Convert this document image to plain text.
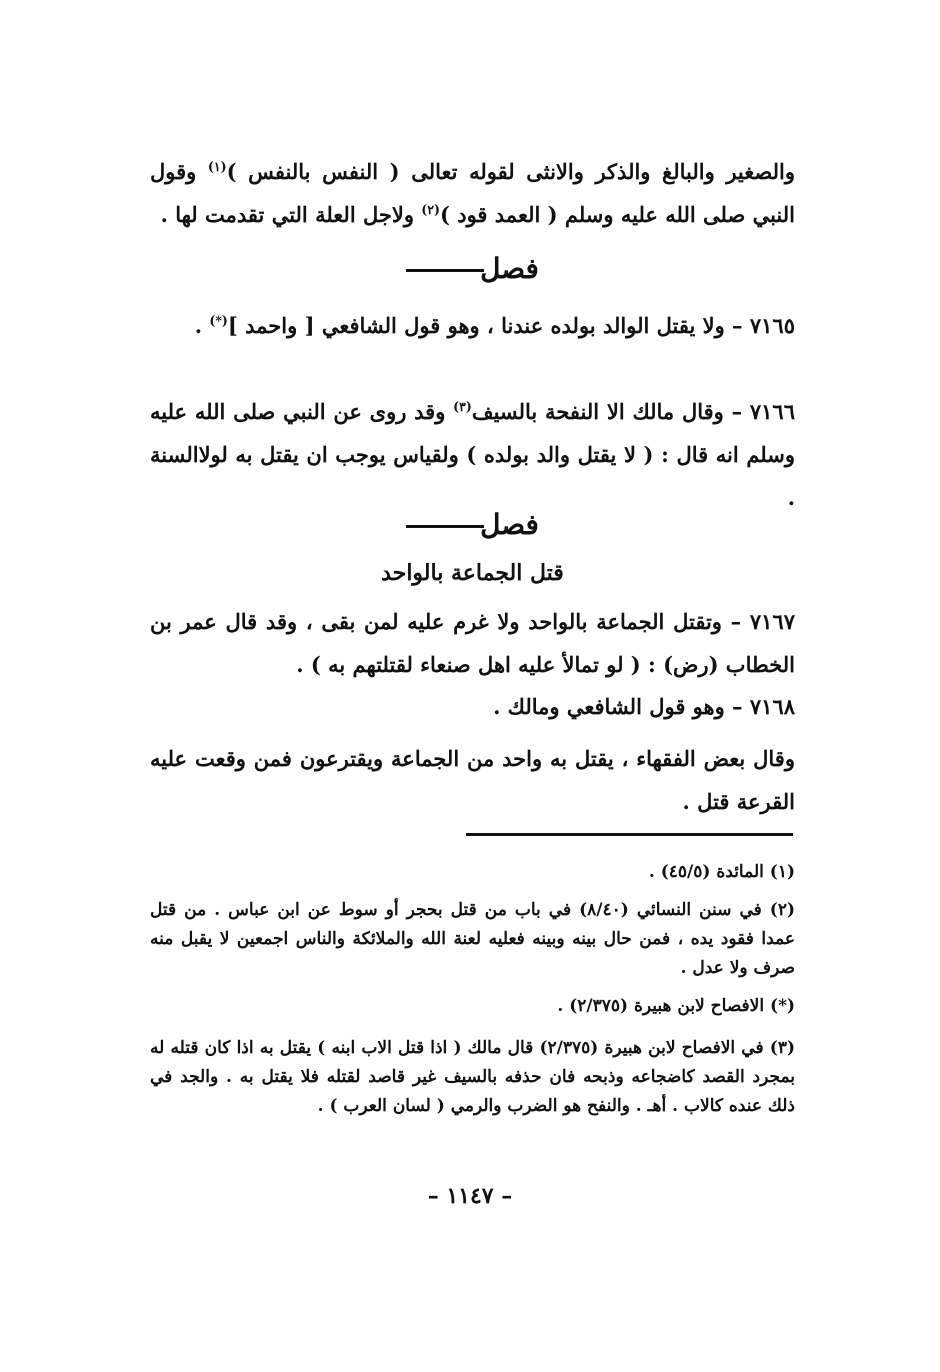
والصغير والبالغ والذكر والانثى لقوله تعالى ( النفس بالنفس )$^{(١)}$ وقول النبي صلى الله عليه وسلم ( العمد قود )$^{(٢)}$ ولاجل العلة التي تقدمت لها .
فصل
٧١٦٥ – ولا يقتل الوالد بولده عندنا ، وهو قول الشافعي [ واحمد ](*) .
٧١٦٦ – وقال مالك الا النفحة بالسيف$^{(٣)}$ وقد روى عن النبي صلى الله عليه وسلم انه قال : ( لا يقتل والد بولده ) ولقياس يوجب ان يقتل به لولاالسنة .
فصل
قتل الجماعة بالواحد
٧١٦٧ – وتقتل الجماعة بالواحد ولا غرم عليه لمن بقى ، وقد قال عمر بن الخطاب (رض) : ( لو تمالأ عليه اهل صنعاء لقتلتهم به ) .
٧١٦٨ – وهو قول الشافعي ومالك .
وقال بعض الفقهاء ، يقتل به واحد من الجماعة ويقترعون فمن وقعت عليه القرعة قتل .
(١) المائدة (٤٥/٥) .
(٢) في سنن النسائي (٨/٤٠) في باب من قتل بحجر أو سوط عن ابن عباس . من قتل عمدا فقود يده ، فمن حال بينه وبينه فعليه لعنة الله والملائكة والناس اجمعين لا يقبل منه صرف ولا عدل .
(*) الافصاح لابن هبيرة (٢/٣٧٥) .
(٣) في الافصاح لابن هبيرة (٢/٣٧٥) قال مالك ( اذا قتل الاب ابنه ) يقتل به اذا كان قتله له بمجرد القصد كاضجاعه وذبحه فان حذفه بالسيف غير قاصد لقتله فلا يقتل به . والجد في ذلك عنده كالاب . أهـ . والنفح هو الضرب والرمي ( لسان العرب ) .
– ١١٤٧ –
